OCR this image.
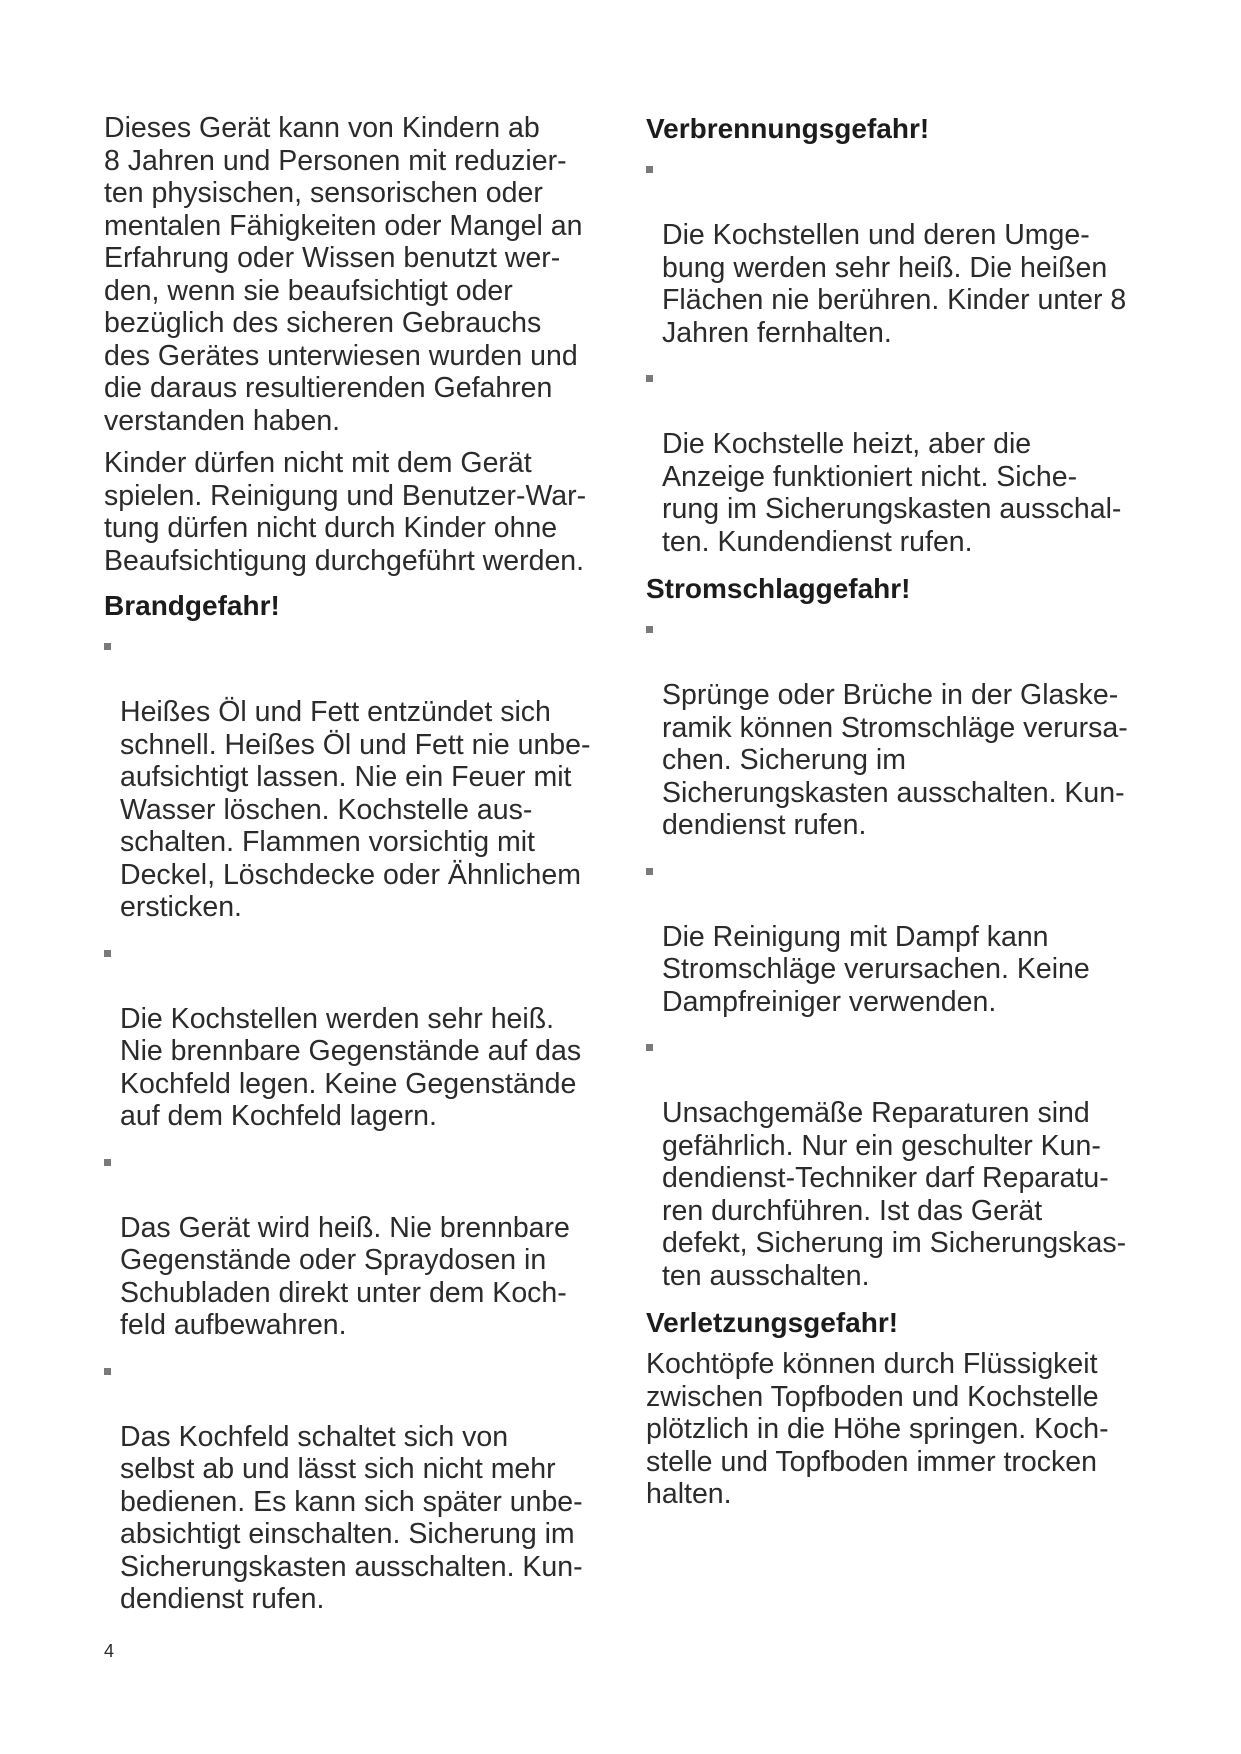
Dieses Gerät kann von Kindern ab
8 Jahren und Personen mit reduzier-
ten physischen, sensorischen oder
mentalen Fähigkeiten oder Mangel an
Erfahrung oder Wissen benutzt wer-
den, wenn sie beaufsichtigt oder
bezüglich des sicheren Gebrauchs
des Gerätes unterwiesen wurden und
die daraus resultierenden Gefahren
verstanden haben.

Kinder dürfen nicht mit dem Gerät
spielen. Reinigung und Benutzer-War-
tung dürfen nicht durch Kinder ohne
Beaufsichtigung durchgeführt werden.

Brandgefahr!

Heißes Öl und Fett entzündet sich
schnell. Heißes Öl und Fett nie unbe-
aufsichtigt lassen. Nie ein Feuer mit
Wasser löschen. Kochstelle aus-
schalten. Flammen vorsichtig mit
Deckel, Löschdecke oder Ähnlichem
ersticken.

Die Kochstellen werden sehr heiß.
Nie brennbare Gegenstände auf das
Kochfeld legen. Keine Gegenstände
auf dem Kochfeld lagern.

Das Gerät wird heiß. Nie brennbare
Gegenstände oder Spraydosen in
Schubladen direkt unter dem Koch-
feld aufbewahren.

Das Kochfeld schaltet sich von
selbst ab und lässt sich nicht mehr
bedienen. Es kann sich später unbe-
absichtigt einschalten. Sicherung im
Sicherungskasten ausschalten. Kun-
dendienst rufen.

Verbrennungsgefahr!

Die Kochstellen und deren Umge-
bung werden sehr heiß. Die heißen
Flächen nie berühren. Kinder unter 8
Jahren fernhalten.

Die Kochstelle heizt, aber die
Anzeige funktioniert nicht. Siche-
rung im Sicherungskasten ausschal-
ten. Kundendienst rufen.

Stromschlaggefahr!

Sprünge oder Brüche in der Glaske-
ramik können Stromschläge verursa-
chen. Sicherung im
Sicherungskasten ausschalten. Kun-
dendienst rufen.

Die Reinigung mit Dampf kann
Stromschläge verursachen. Keine
Dampfreiniger verwenden.

Unsachgemäße Reparaturen sind
gefährlich. Nur ein geschulter Kun-
dendienst-Techniker darf Reparatu-
ren durchführen. Ist das Gerät
defekt, Sicherung im Sicherungskas-
ten ausschalten.

Verletzungsgefahr!

Kochtöpfe können durch Flüssigkeit
zwischen Topfboden und Kochstelle
plötzlich in die Höhe springen. Koch-
stelle und Topfboden immer trocken
halten.

4
